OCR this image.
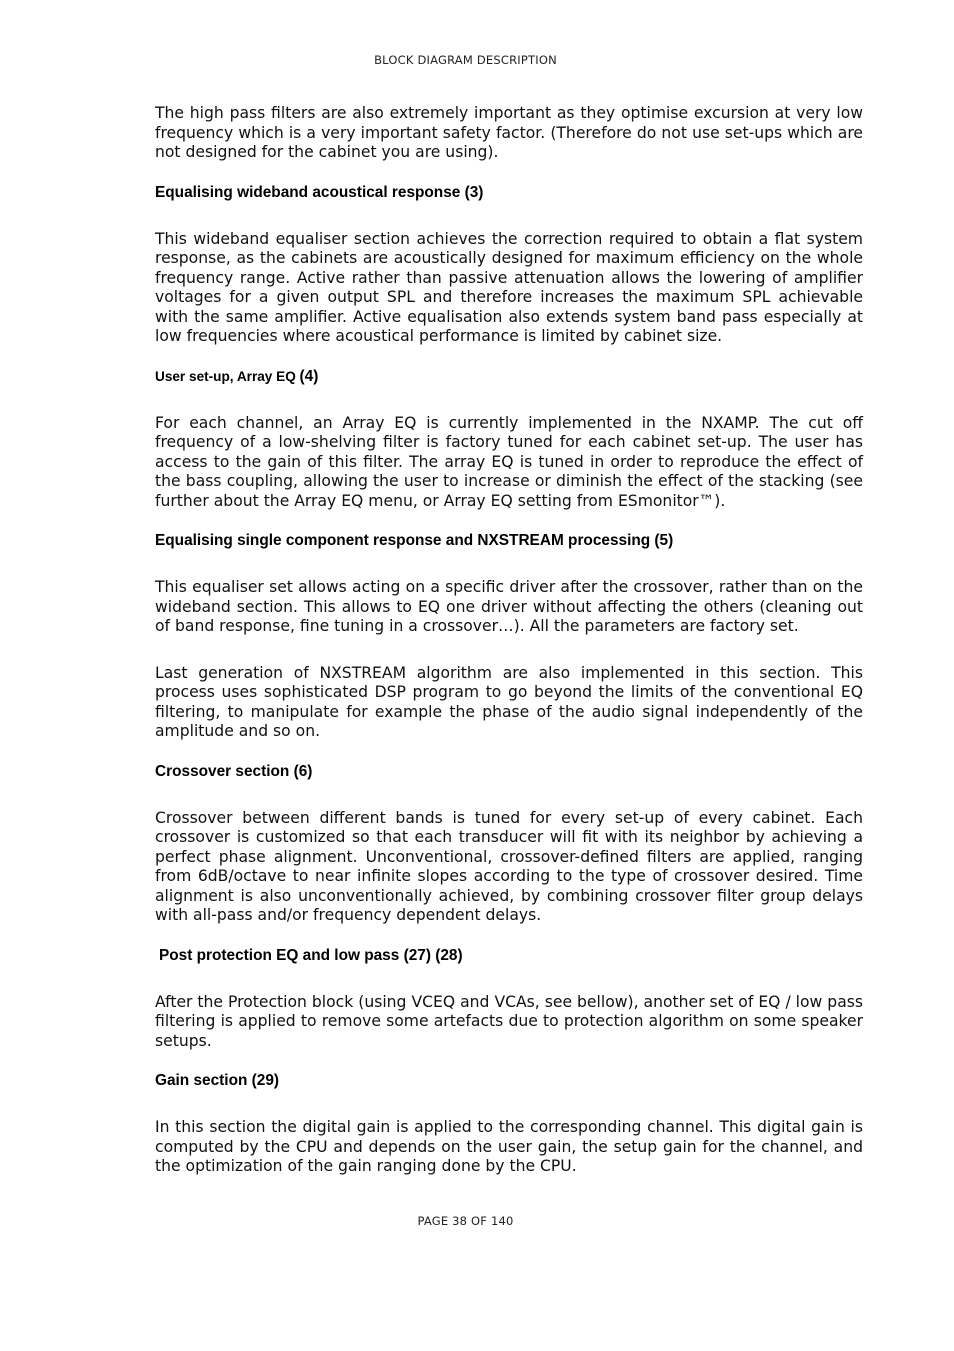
BLOCK DIAGRAM DESCRIPTION

The high pass filters are also extremely important as they optimise excursion at very low frequency which is a very important safety factor. (Therefore do not use set-ups which are not designed for the cabinet you are using).

Equalising wideband acoustical response (3)

This wideband equaliser section achieves the correction required to obtain a flat system response, as the cabinets are acoustically designed for maximum efficiency on the whole frequency range. Active rather than passive attenuation allows the lowering of amplifier voltages for a given output SPL and therefore increases the maximum SPL achievable with the same amplifier. Active equalisation also extends system band pass especially at low frequencies where acoustical performance is limited by cabinet size.

User set-up, Array EQ (4)

For each channel, an Array EQ is currently implemented in the NXAMP. The cut off frequency of a low-shelving filter is factory tuned for each cabinet set-up. The user has access to the gain of this filter. The array EQ is tuned in order to reproduce the effect of the bass coupling, allowing the user to increase or diminish the effect of the stacking (see further about the Array EQ menu, or Array EQ setting from ESmonitor™).

Equalising single component response and NXSTREAM processing (5)

This equaliser set allows acting on a specific driver after the crossover, rather than on the wideband section. This allows to EQ one driver without affecting the others (cleaning out of band response, fine tuning in a crossover…). All the parameters are factory set.

Last generation of NXSTREAM algorithm are also implemented in this section. This process uses sophisticated DSP program to go beyond the limits of the conventional EQ filtering, to manipulate for example the phase of the audio signal independently of the amplitude and so on.

Crossover section (6)

Crossover between different bands is tuned for every set-up of every cabinet. Each crossover is customized so that each transducer will fit with its neighbor by achieving a perfect phase alignment. Unconventional, crossover-defined filters are applied, ranging from 6dB/octave to near infinite slopes according to the type of crossover desired. Time alignment is also unconventionally achieved, by combining crossover filter group delays with all-pass and/or frequency dependent delays.

Post protection EQ and low pass (27) (28)

After the Protection block (using VCEQ and VCAs, see bellow), another set of EQ / low pass filtering is applied to remove some artefacts due to protection algorithm on some speaker setups.

Gain section (29)

In this section the digital gain is applied to the corresponding channel. This digital gain is computed by the CPU and depends on the user gain, the setup gain for the channel, and the optimization of the gain ranging done by the CPU.

PAGE 38 OF 140
